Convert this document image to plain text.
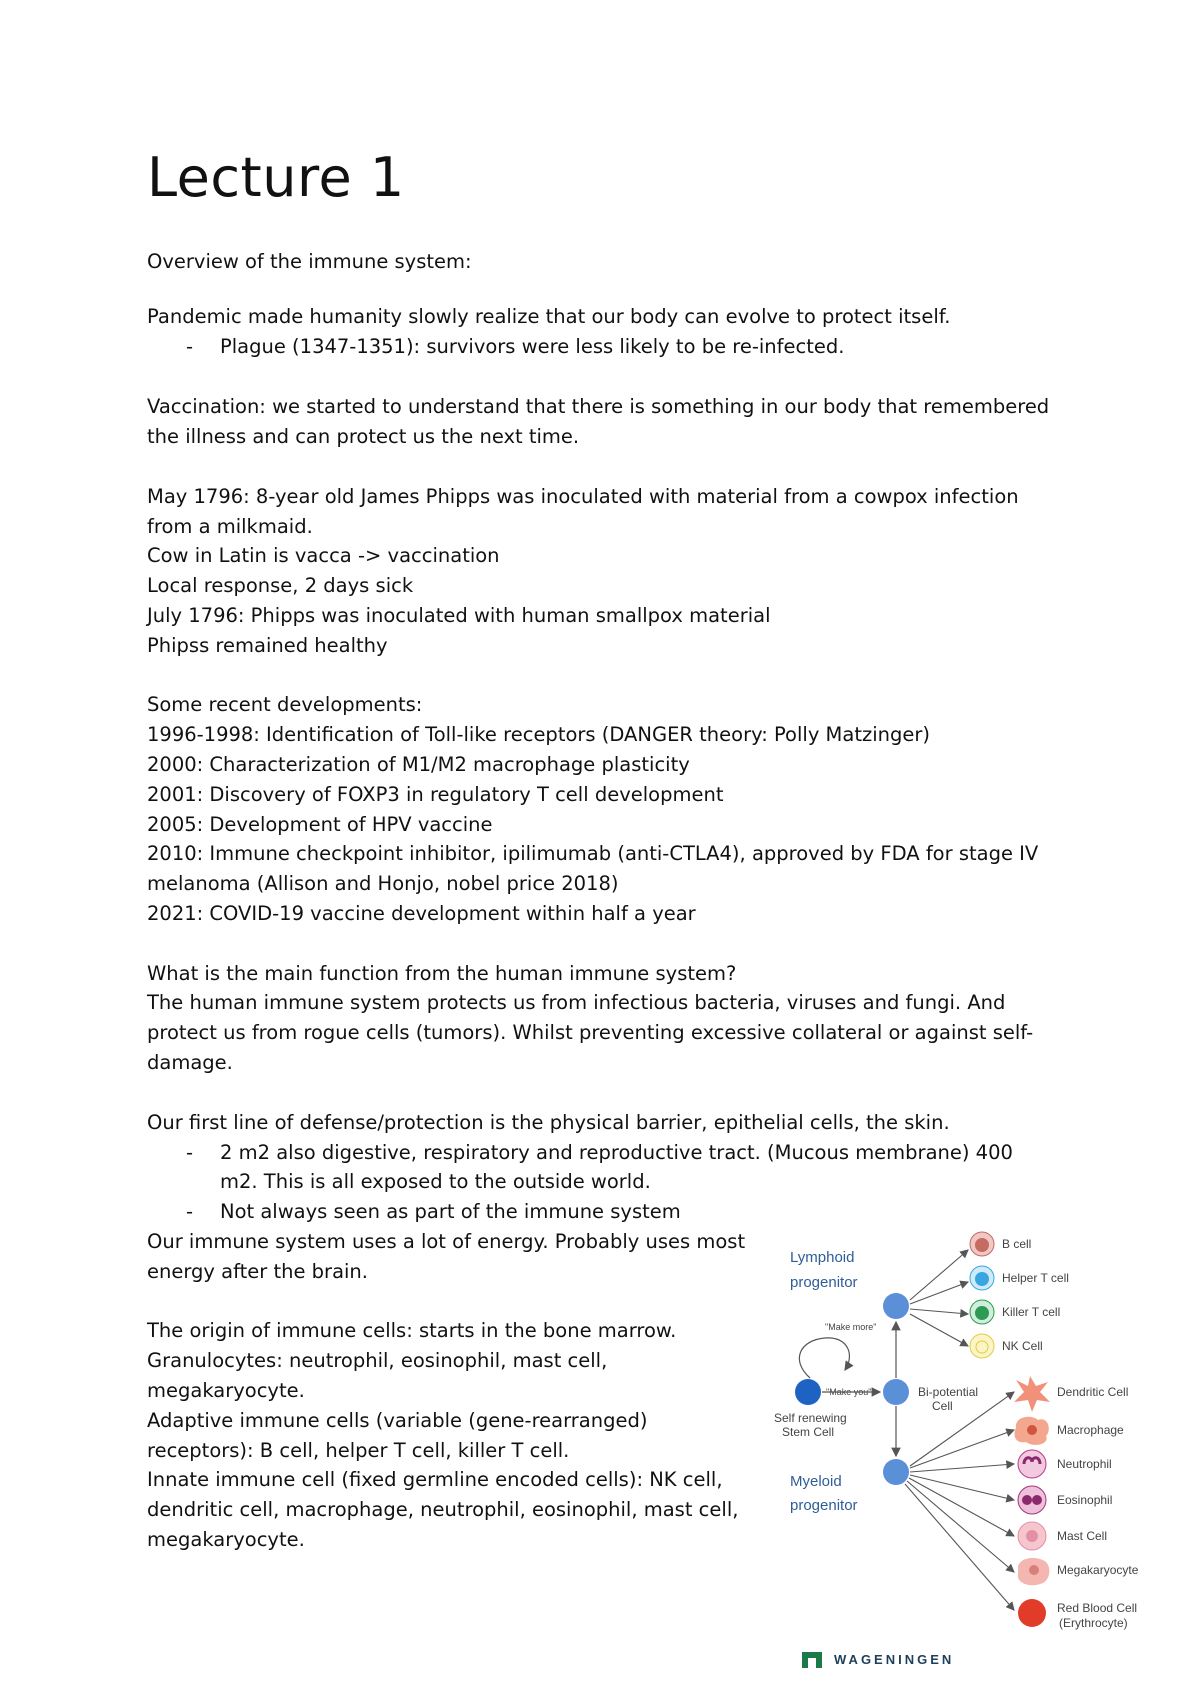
Lecture 1
Overview of the immune system:
Pandemic made humanity slowly realize that our body can evolve to protect itself.
- Plague (1347-1351): survivors were less likely to be re-infected.
Vaccination: we started to understand that there is something in our body that remembered
the illness and can protect us the next time.
May 1796: 8-year old James Phipps was inoculated with material from a cowpox infection
from a milkmaid.
Cow in Latin is vacca -> vaccination
Local response, 2 days sick
July 1796: Phipps was inoculated with human smallpox material
Phipss remained healthy
Some recent developments:
1996-1998: Identification of Toll-like receptors (DANGER theory: Polly Matzinger)
2000: Characterization of M1/M2 macrophage plasticity
2001: Discovery of FOXP3 in regulatory T cell development
2005: Development of HPV vaccine
2010: Immune checkpoint inhibitor, ipilimumab (anti-CTLA4), approved by FDA for stage IV
melanoma (Allison and Honjo, nobel price 2018)
2021: COVID-19 vaccine development within half a year
What is the main function from the human immune system?
The human immune system protects us from infectious bacteria, viruses and fungi. And
protect us from rogue cells (tumors). Whilst preventing excessive collateral or against self-
damage.
Our first line of defense/protection is the physical barrier, epithelial cells, the skin.
- 2 m2 also digestive, respiratory and reproductive tract. (Mucous membrane) 400
m2. This is all exposed to the outside world.
- Not always seen as part of the immune system
Our immune system uses a lot of energy. Probably uses most
energy after the brain.
The origin of immune cells: starts in the bone marrow.
Granulocytes: neutrophil, eosinophil, mast cell,
megakaryocyte.
Adaptive immune cells (variable (gene-rearranged)
receptors): B cell, helper T cell, killer T cell.
Innate immune cell (fixed germline encoded cells): NK cell,
dendritic cell, macrophage, neutrophil, eosinophil, mast cell,
megakaryocyte.
Lymphoid
progenitor
Myeloid
progenitor
"Make more"
"Make you"
Self renewing
Stem Cell
Bi-potential
Cell
B cell
Helper T cell
Killer T cell
NK Cell
Dendritic Cell
Macrophage
Neutrophil
Eosinophil
Mast Cell
Megakaryocyte
Red Blood Cell
(Erythrocyte)
WAGENINGEN
